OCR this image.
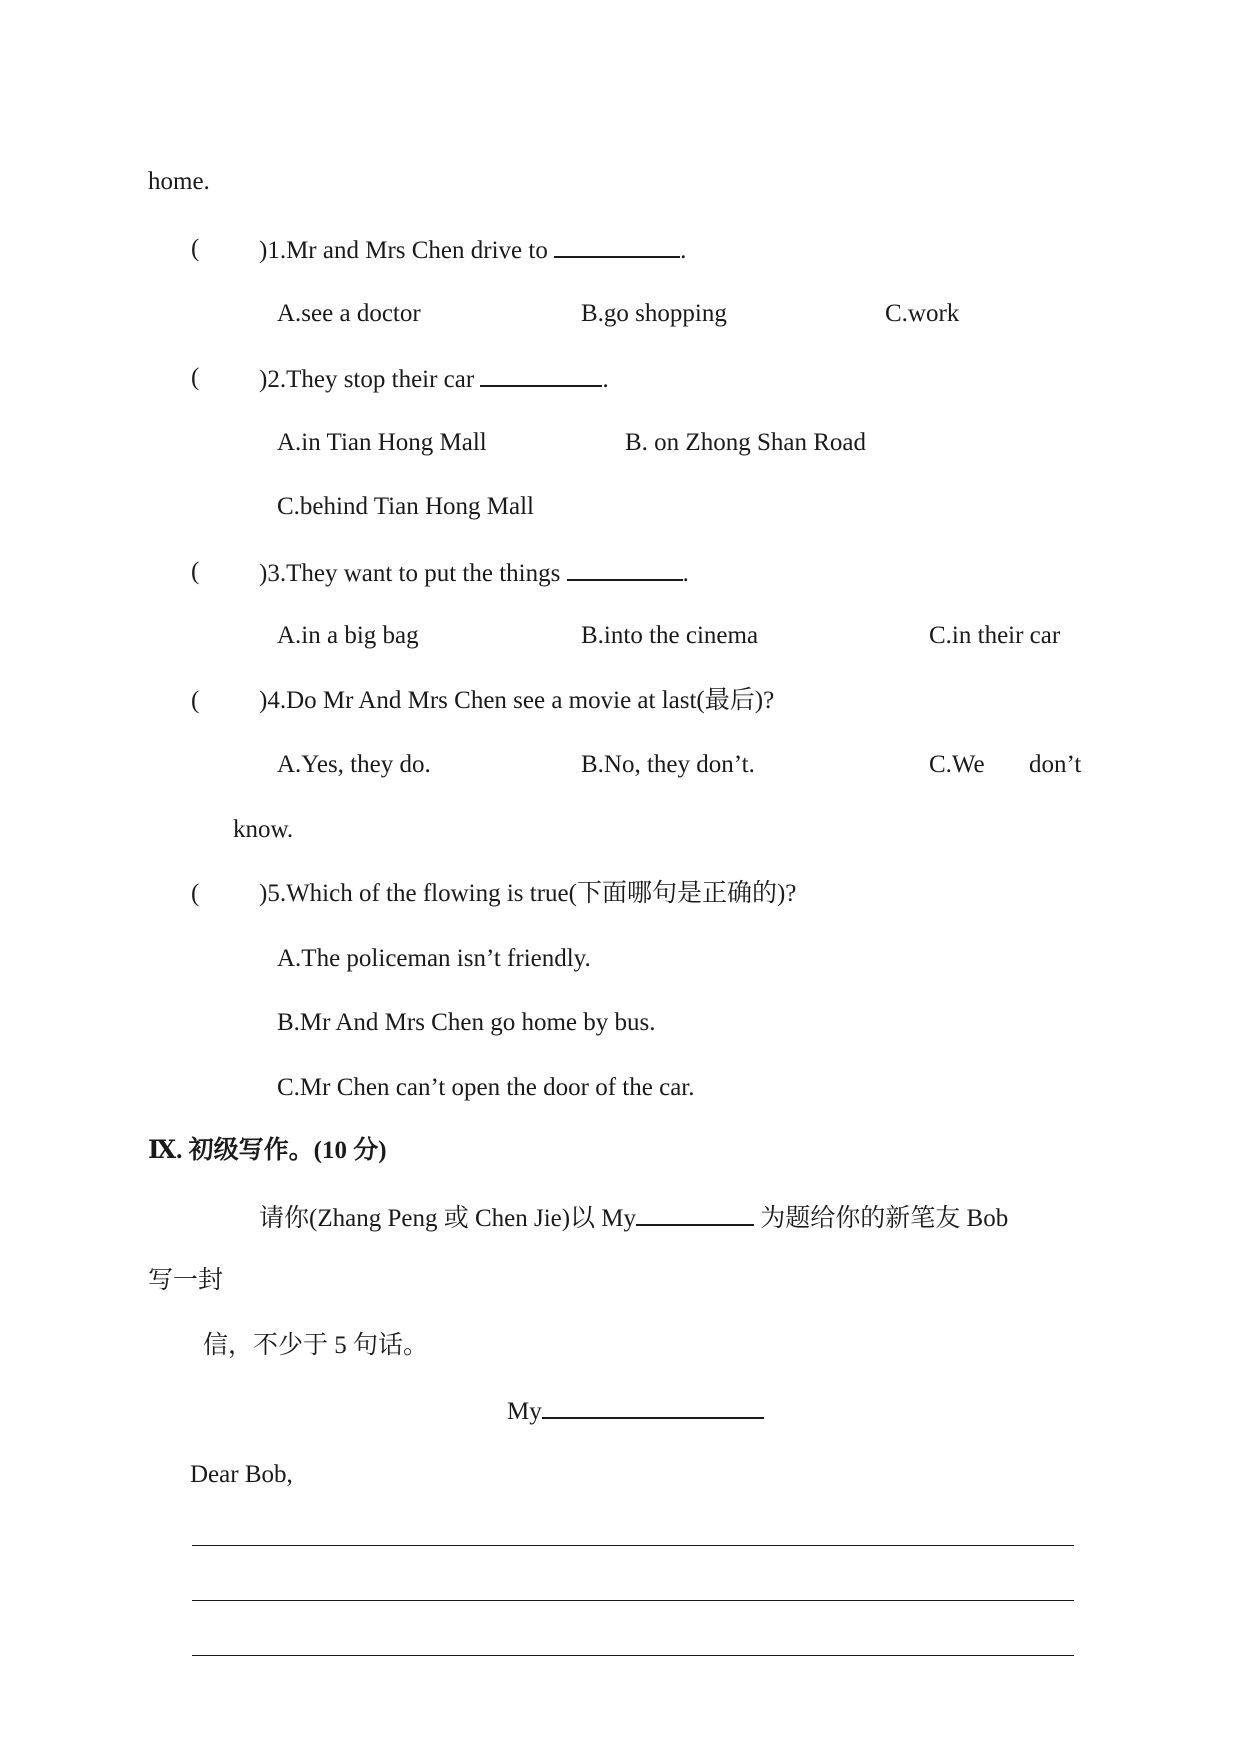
home.
( )1.Mr and Mrs Chen drive to	.
A.see a doctor	B.go shopping	C.work
( )2.They stop their car	.
A.in Tian Hong Mall	B. on Zhong Shan Road
C.behind Tian Hong Mall
( )3.They want to put the things	.
A.in a big bag	B.into the cinema	C.in their car
( )4.Do Mr And Mrs Chen see a movie at last(最后)?
A.Yes, they do.	B.No, they don’t.	C.We don’t
know.
( )5.Which of the flowing is true(下面哪句是正确的)?
A.The policeman isn’t friendly.
B.Mr And Mrs Chen go home by bus.
C.Mr Chen can’t open the door of the car.
Ⅸ. 初级写作。(10 分)
请你(Zhang Peng 或 Chen Jie)以 My	为题给你的新笔友 Bob
写一封
信，不少于 5 句话。
My
Dear Bob,
